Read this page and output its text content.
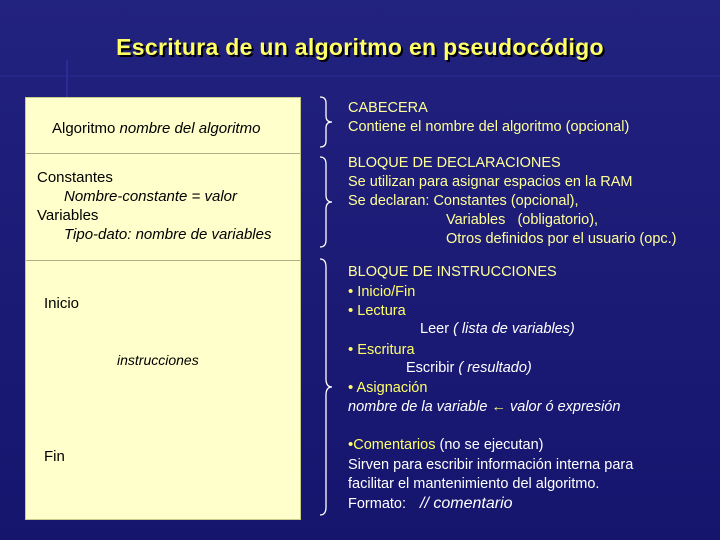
Escritura de un algoritmo en pseudocódigo
Algoritmo nombre del algoritmo
Constantes
Nombre-constante = valor
Variables
Tipo-dato: nombre de variables
Inicio
instrucciones
Fin
CABECERA
Contiene el nombre del algoritmo (opcional)
BLOQUE DE DECLARACIONES
Se utilizan para asignar espacios en la RAM
Se declaran: Constantes (opcional),
Variables   (obligatorio),
Otros definidos por el usuario (opc.)
BLOQUE DE INSTRUCCIONES
• Inicio/Fin
• Lectura
Leer ( lista de variables)
• Escritura
Escribir ( resultado)
• Asignación
nombre de la variable ← valor ó expresión
•Comentarios (no se ejecutan)
Sirven para escribir información interna para
facilitar el mantenimiento del algoritmo.
Formato: // comentario
